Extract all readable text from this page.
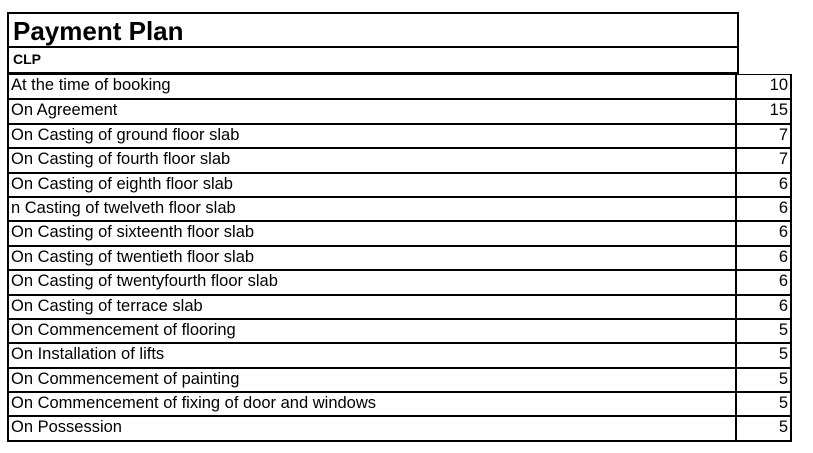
Payment Plan
CLP
At the time of booking	10
On Agreement	15
On Casting of ground floor slab	7
On Casting of fourth floor slab	7
On Casting of eighth floor slab	6
n Casting of twelveth floor slab	6
On Casting of sixteenth floor slab	6
On Casting of twentieth floor slab	6
On Casting of twentyfourth floor slab	6
On Casting of terrace slab	6
On Commencement of flooring	5
On Installation of lifts	5
On Commencement of painting	5
On Commencement of fixing of door and windows	5
On Possession	5
